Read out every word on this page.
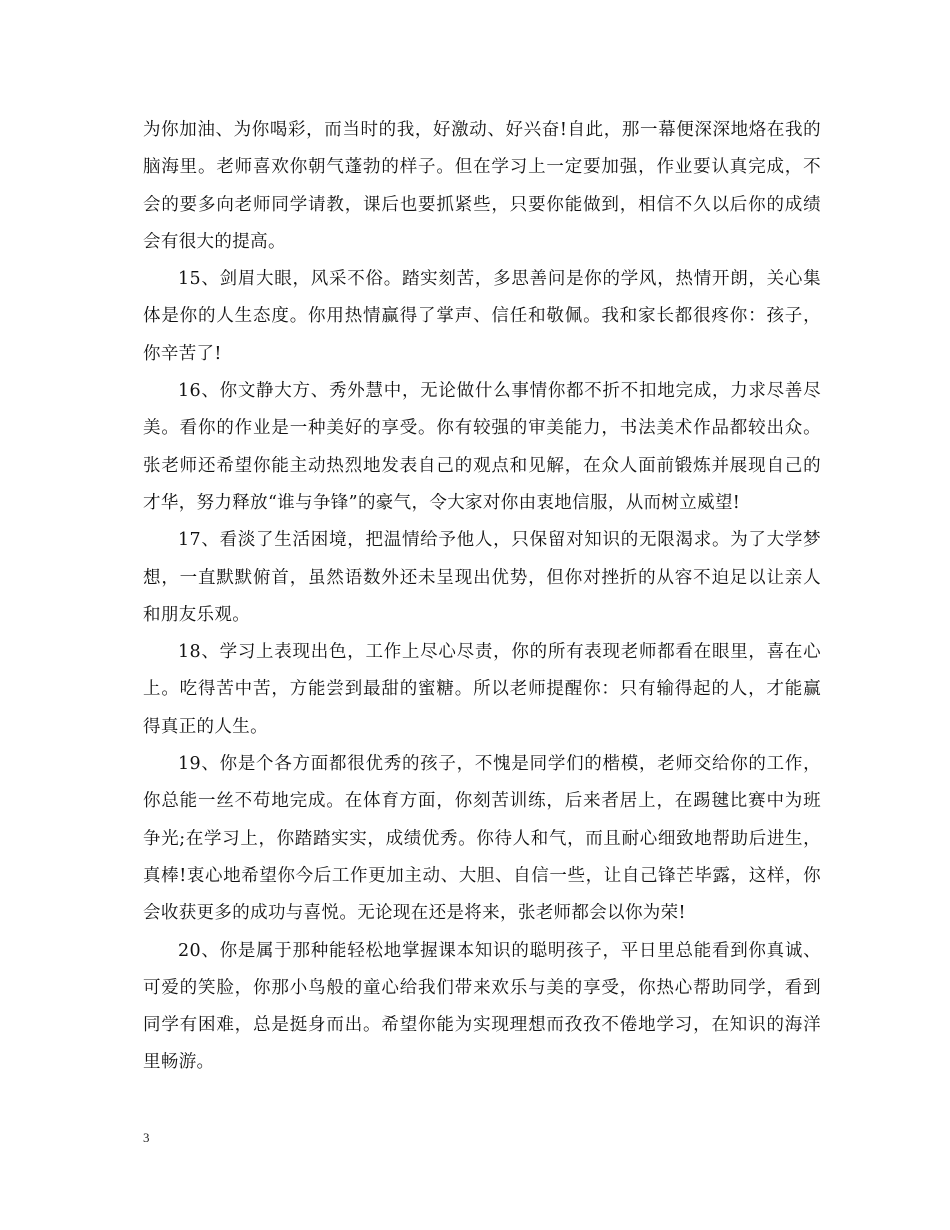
为你加油、为你喝彩，而当时的我，好激动、好兴奋!自此，那一幕便深深地烙在我的脑海里。老师喜欢你朝气蓬勃的样子。但在学习上一定要加强，作业要认真完成，不会的要多向老师同学请教，课后也要抓紧些，只要你能做到，相信不久以后你的成绩会有很大的提高。

15、剑眉大眼，风采不俗。踏实刻苦，多思善问是你的学风，热情开朗，关心集体是你的人生态度。你用热情赢得了掌声、信任和敬佩。我和家长都很疼你：孩子，你辛苦了!

16、你文静大方、秀外慧中，无论做什么事情你都不折不扣地完成，力求尽善尽美。看你的作业是一种美好的享受。你有较强的审美能力，书法美术作品都较出众。张老师还希望你能主动热烈地发表自己的观点和见解，在众人面前锻炼并展现自己的才华，努力释放“谁与争锋”的豪气，令大家对你由衷地信服，从而树立威望!

17、看淡了生活困境，把温情给予他人，只保留对知识的无限渴求。为了大学梦想，一直默默俯首，虽然语数外还未呈现出优势，但你对挫折的从容不迫足以让亲人和朋友乐观。

18、学习上表现出色，工作上尽心尽责，你的所有表现老师都看在眼里，喜在心上。吃得苦中苦，方能尝到最甜的蜜糖。所以老师提醒你：只有输得起的人，才能赢得真正的人生。

19、你是个各方面都很优秀的孩子，不愧是同学们的楷模，老师交给你的工作，你总能一丝不苟地完成。在体育方面，你刻苦训练，后来者居上，在踢毽比赛中为班争光;在学习上，你踏踏实实，成绩优秀。你待人和气，而且耐心细致地帮助后进生，真棒!衷心地希望你今后工作更加主动、大胆、自信一些，让自己锋芒毕露，这样，你会收获更多的成功与喜悦。无论现在还是将来，张老师都会以你为荣!

20、你是属于那种能轻松地掌握课本知识的聪明孩子，平日里总能看到你真诚、可爱的笑脸，你那小鸟般的童心给我们带来欢乐与美的享受，你热心帮助同学，看到同学有困难，总是挺身而出。希望你能为实现理想而孜孜不倦地学习，在知识的海洋里畅游。

3
